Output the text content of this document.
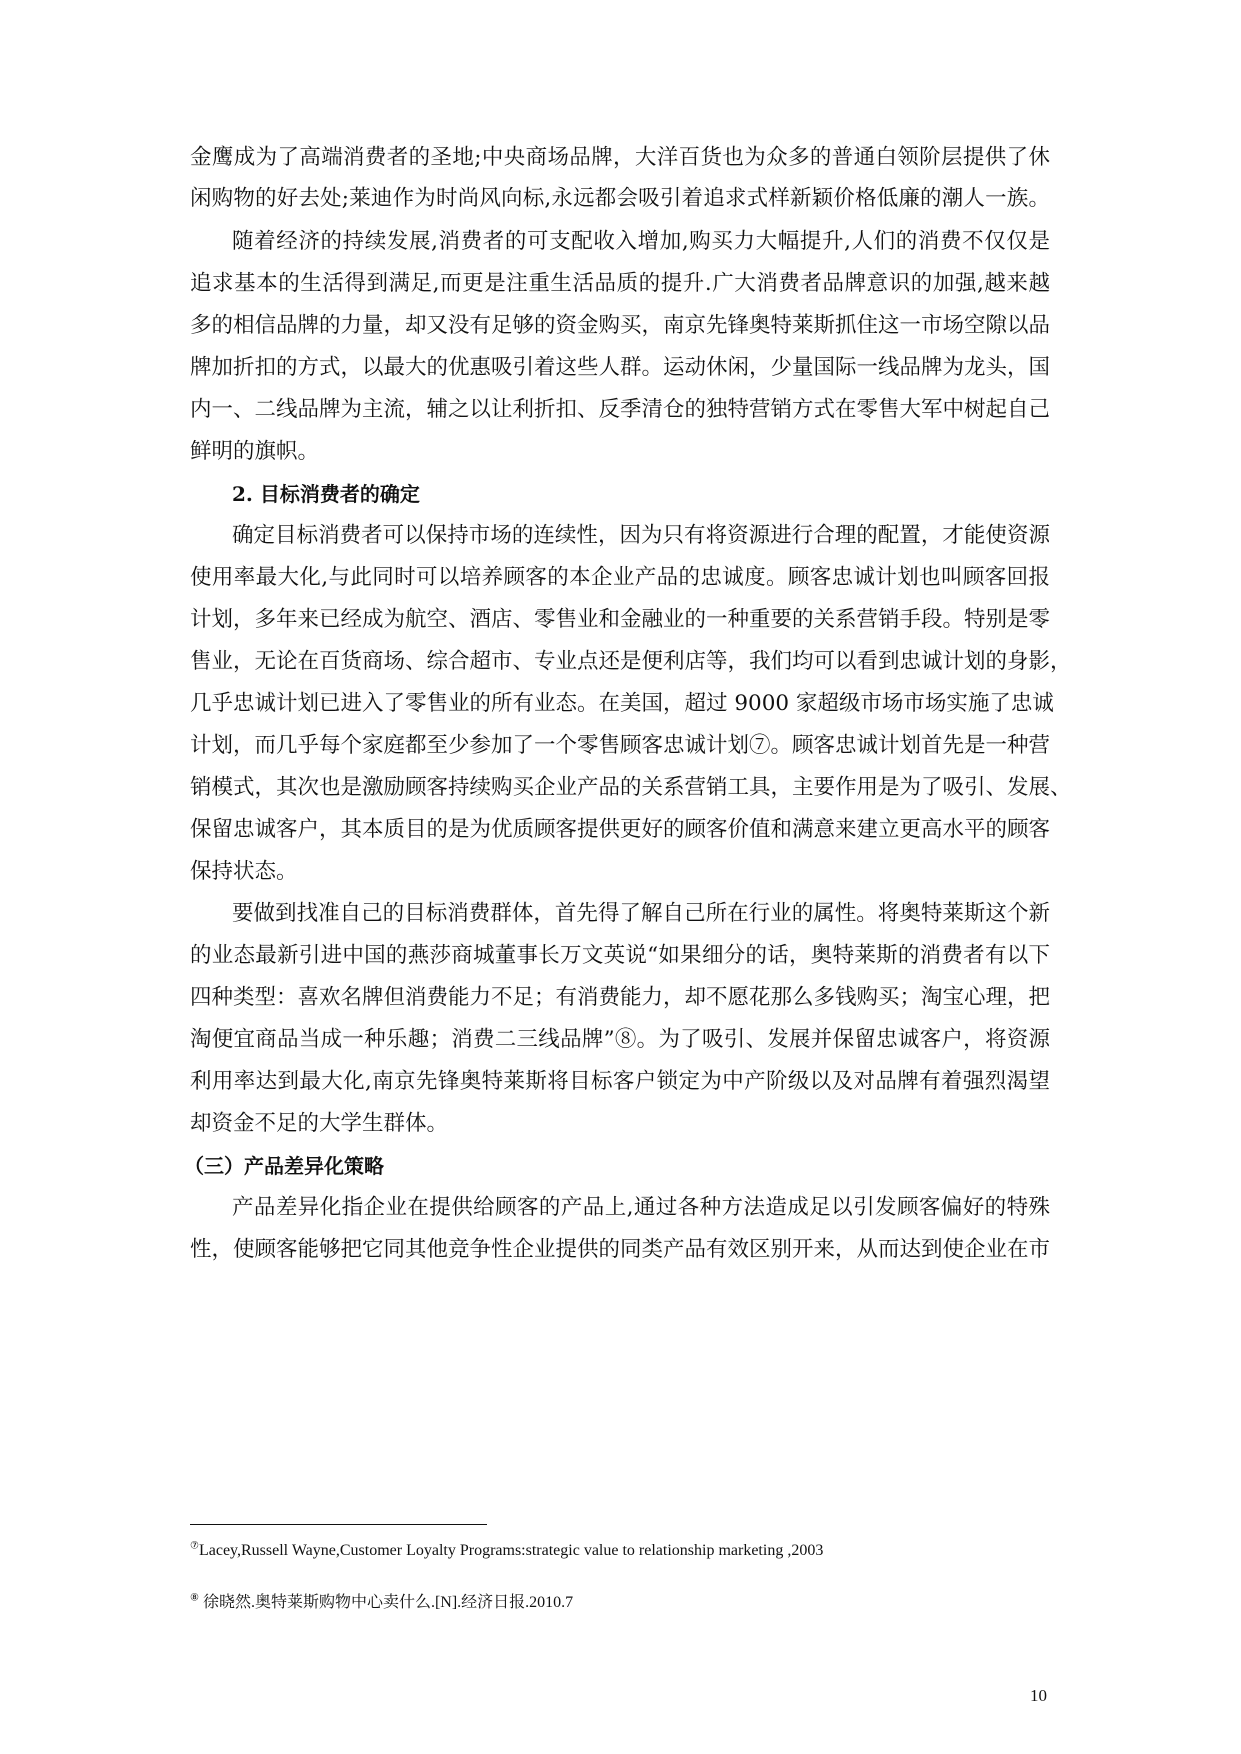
金鹰成为了高端消费者的圣地;中央商场品牌，大洋百货也为众多的普通白领阶层提供了休
闲购物的好去处;莱迪作为时尚风向标,永远都会吸引着追求式样新颖价格低廉的潮人一族。
随着经济的持续发展,消费者的可支配收入增加,购买力大幅提升,人们的消费不仅仅是
追求基本的生活得到满足,而更是注重生活品质的提升.广大消费者品牌意识的加强,越来越
多的相信品牌的力量，却又没有足够的资金购买，南京先锋奥特莱斯抓住这一市场空隙以品
牌加折扣的方式，以最大的优惠吸引着这些人群。运动休闲，少量国际一线品牌为龙头，国
内一、二线品牌为主流，辅之以让利折扣、反季清仓的独特营销方式在零售大军中树起自己
鲜明的旗帜。
2. 目标消费者的确定
确定目标消费者可以保持市场的连续性，因为只有将资源进行合理的配置，才能使资源
使用率最大化,与此同时可以培养顾客的本企业产品的忠诚度。顾客忠诚计划也叫顾客回报
计划，多年来已经成为航空、酒店、零售业和金融业的一种重要的关系营销手段。特别是零
售业，无论在百货商场、综合超市、专业点还是便利店等，我们均可以看到忠诚计划的身影，
几乎忠诚计划已进入了零售业的所有业态。在美国，超过 9000 家超级市场市场实施了忠诚
计划，而几乎每个家庭都至少参加了一个零售顾客忠诚计划⑦。顾客忠诚计划首先是一种营
销模式，其次也是激励顾客持续购买企业产品的关系营销工具，主要作用是为了吸引、发展、
保留忠诚客户，其本质目的是为优质顾客提供更好的顾客价值和满意来建立更高水平的顾客
保持状态。
要做到找准自己的目标消费群体，首先得了解自己所在行业的属性。将奥特莱斯这个新
的业态最新引进中国的燕莎商城董事长万文英说“如果细分的话，奥特莱斯的消费者有以下
四种类型：喜欢名牌但消费能力不足；有消费能力，却不愿花那么多钱购买；淘宝心理，把
淘便宜商品当成一种乐趣；消费二三线品牌”⑧。为了吸引、发展并保留忠诚客户，将资源
利用率达到最大化,南京先锋奥特莱斯将目标客户锁定为中产阶级以及对品牌有着强烈渴望
却资金不足的大学生群体。
（三）产品差异化策略
产品差异化指企业在提供给顾客的产品上,通过各种方法造成足以引发顾客偏好的特殊
性，使顾客能够把它同其他竞争性企业提供的同类产品有效区别开来，从而达到使企业在市
⑦Lacey,Russell Wayne,Customer Loyalty Programs:strategic value to relationship marketing ,2003
⑧ 徐晓然.奥特莱斯购物中心卖什么.[N].经济日报.2010.7
10
